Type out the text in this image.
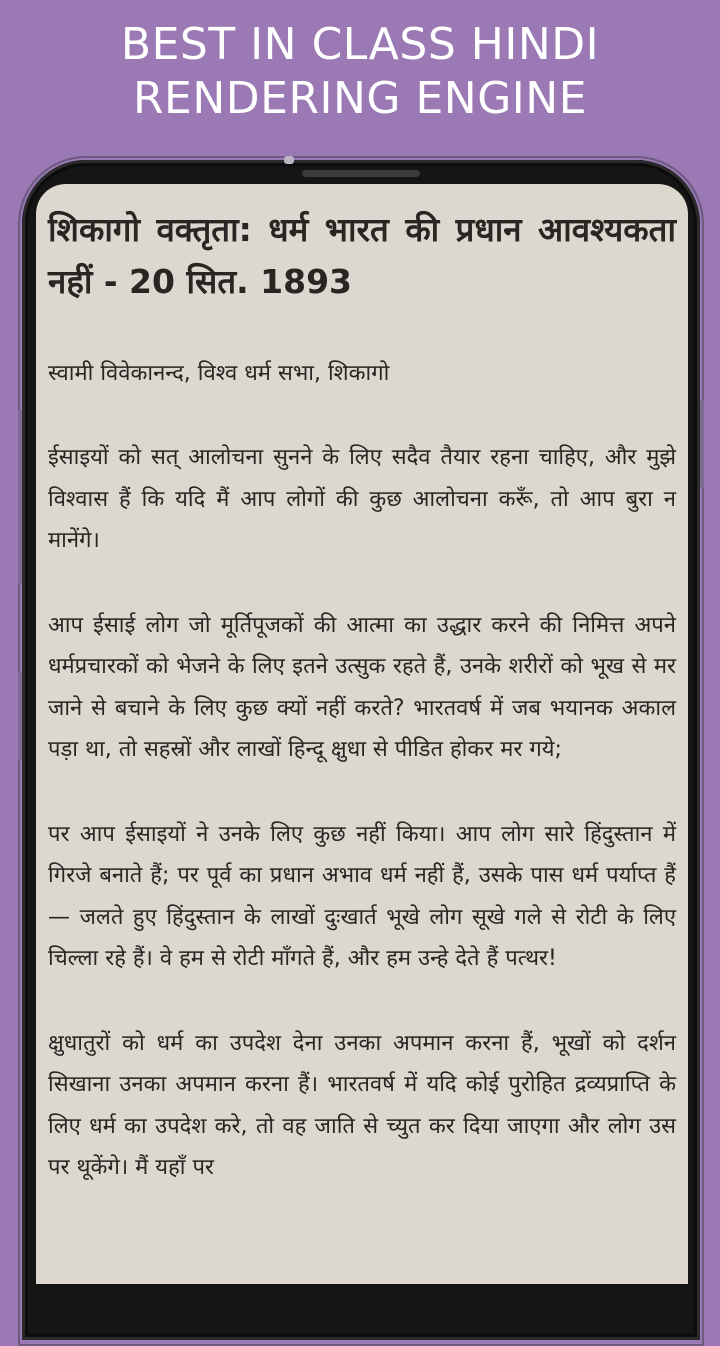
BEST IN CLASS HINDI
RENDERING ENGINE
शिकागो वक्तृता: धर्म भारत की प्रधान आवश्यकता नहीं - 20 सित. 1893

स्वामी विवेकानन्द, विश्व धर्म सभा, शिकागो

ईसाइयों को सत् आलोचना सुनने के लिए सदैव तैयार रहना चाहिए, और मुझे विश्वास हैं कि यदि मैं आप लोगों की कुछ आलोचना करूँ, तो आप बुरा न मानेंगे।

आप ईसाई लोग जो मूर्तिपूजकों की आत्मा का उद्धार करने की निमित्त अपने धर्मप्रचारकों को भेजने के लिए इतने उत्सुक रहते हैं, उनके शरीरों को भूख से मर जाने से बचाने के लिए कुछ क्यों नहीं करते? भारतवर्ष में जब भयानक अकाल पड़ा था, तो सहस्रों और लाखों हिन्दू क्षुधा से पीडित होकर मर गये;

पर आप ईसाइयों ने उनके लिए कुछ नहीं किया। आप लोग सारे हिंदुस्तान में गिरजे बनाते हैं; पर पूर्व का प्रधान अभाव धर्म नहीं हैं, उसके पास धर्म पर्याप्त हैं — जलते हुए हिंदुस्तान के लाखों दुःखार्त भूखे लोग सूखे गले से रोटी के लिए चिल्ला रहे हैं। वे हम से रोटी माँगते हैं, और हम उन्हे देते हैं पत्थर!

क्षुधातुरों को धर्म का उपदेश देना उनका अपमान करना हैं, भूखों को दर्शन सिखाना उनका अपमान करना हैं। भारतवर्ष में यदि कोई पुरोहित द्रव्यप्राप्ति के लिए धर्म का उपदेश करे, तो वह जाति से च्युत कर दिया जाएगा और लोग उस पर थूकेंगे। मैं यहाँ पर
